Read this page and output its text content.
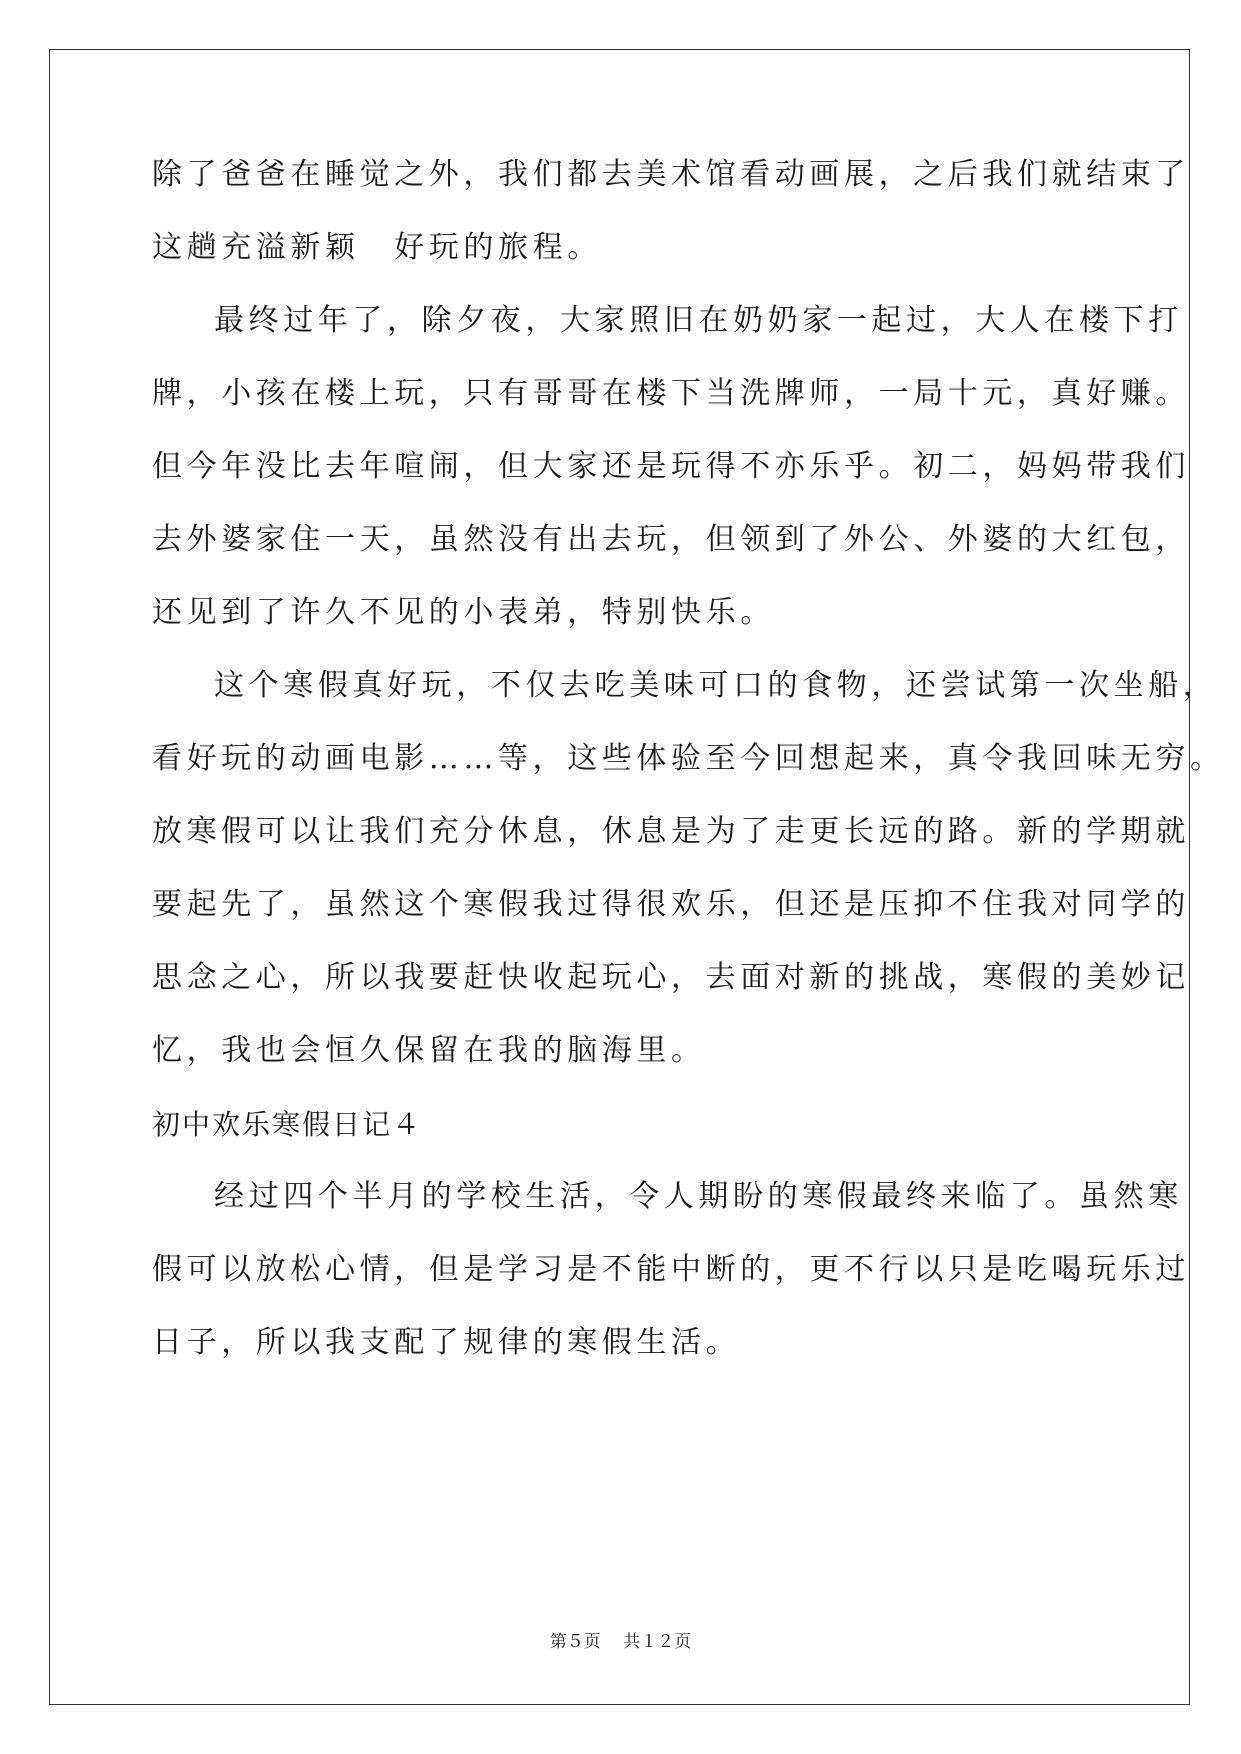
除了爸爸在睡觉之外，我们都去美术馆看动画展，之后我们就结束了
这趟充溢新颖　好玩的旅程。
最终过年了，除夕夜，大家照旧在奶奶家一起过，大人在楼下打
牌，小孩在楼上玩，只有哥哥在楼下当洗牌师，一局十元，真好赚。
但今年没比去年喧闹，但大家还是玩得不亦乐乎。初二，妈妈带我们
去外婆家住一天，虽然没有出去玩，但领到了外公、外婆的大红包，
还见到了许久不见的小表弟，特别快乐。
这个寒假真好玩，不仅去吃美味可口的食物，还尝试第一次坐船，
看好玩的动画电影……等，这些体验至今回想起来，真令我回味无穷。
放寒假可以让我们充分休息，休息是为了走更长远的路。新的学期就
要起先了，虽然这个寒假我过得很欢乐，但还是压抑不住我对同学的
思念之心，所以我要赶快收起玩心，去面对新的挑战，寒假的美妙记
忆，我也会恒久保留在我的脑海里。
初中欢乐寒假日记４
经过四个半月的学校生活，令人期盼的寒假最终来临了。虽然寒
假可以放松心情，但是学习是不能中断的，更不行以只是吃喝玩乐过
日子，所以我支配了规律的寒假生活。
第５页　 共１２页
